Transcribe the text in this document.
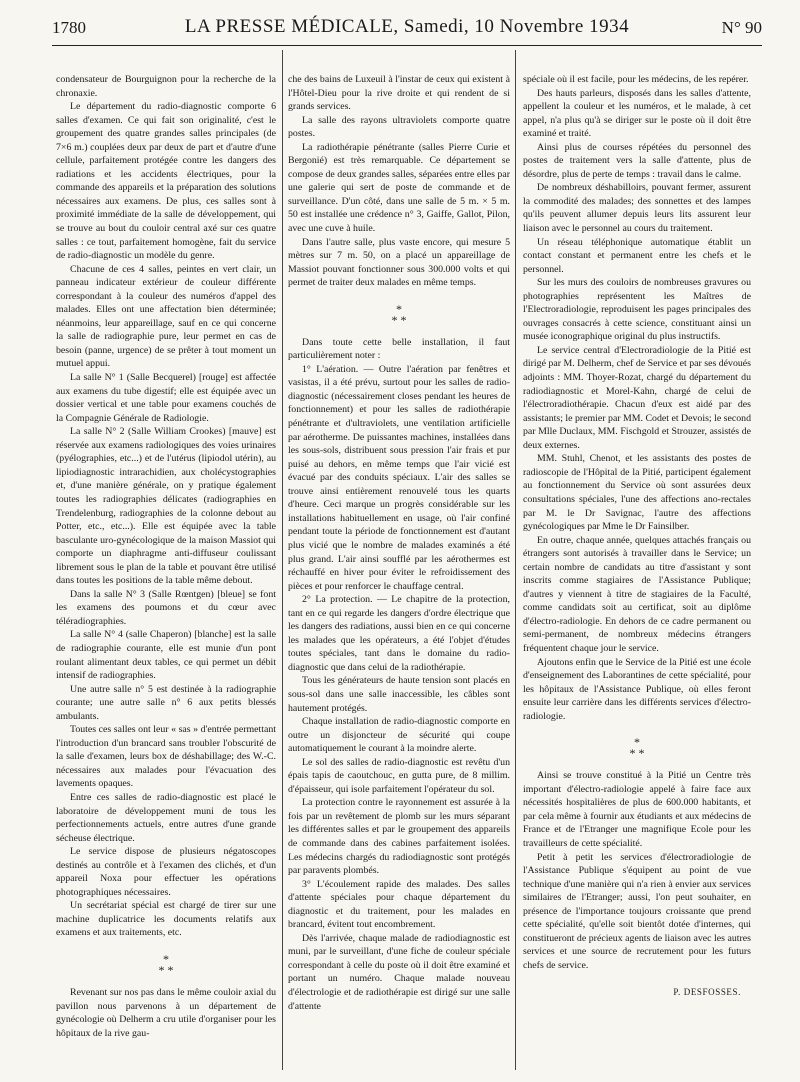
1780	LA PRESSE MÉDICALE, Samedi, 10 Novembre 1934	N° 90

condensateur de Bourguignon pour la recherche de la chronaxie.

Le département du radio-diagnostic comporte 6 salles d'examen. Ce qui fait son originalité, c'est le groupement des quatre grandes salles principales (de 7×6 m.) couplées deux par deux de part et d'autre d'une cellule, parfaitement protégée contre les dangers des radiations et les accidents électriques, pour la commande des appareils et la préparation des solutions nécessaires aux examens. De plus, ces salles sont à proximité immédiate de la salle de développement, qui se trouve au bout du couloir central axé sur ces quatre salles : ce tout, parfaitement homogène, fait du service de radio-diagnostic un modèle du genre.

Chacune de ces 4 salles, peintes en vert clair, un panneau indicateur extérieur de couleur différente correspondant à la couleur des numéros d'appel des malades. Elles ont une affectation bien déterminée; néanmoins, leur appareillage, sauf en ce qui concerne la salle de radiographie pure, leur permet en cas de besoin (panne, urgence) de se prêter à tout moment un mutuel appui.

La salle N° 1 (Salle Becquerel) [rouge] est affectée aux examens du tube digestif; elle est équipée avec un dossier vertical et une table pour examens couchés de la Compagnie Générale de Radiologie.

La salle N° 2 (Salle William Crookes) [mauve] est réservée aux examens radiologiques des voies urinaires (pyélographies, etc...) et de l'utérus (lipiodol utérin), au lipiodiagnostic intrarachidien, aux cholécystographies et, d'une manière générale, on y pratique également toutes les radiographies délicates (radiographies en Trendelenburg, radiographies de la colonne debout au Potter, etc., etc...). Elle est équipée avec la table basculante uro-gynécologique de la maison Massiot qui comporte un diaphragme anti-diffuseur coulissant librement sous le plan de la table et pouvant être utilisé dans toutes les positions de la table même debout.

Dans la salle N° 3 (Salle Rœntgen) [bleue] se font les examens des poumons et du cœur avec téléradiographies.

La salle N° 4 (salle Chaperon) [blanche] est la salle de radiographie courante, elle est munie d'un pont roulant alimentant deux tables, ce qui permet un débit intensif de radiographies.

Une autre salle n° 5 est destinée à la radiographie courante; une autre salle n° 6 aux petits blessés ambulants.

Toutes ces salles ont leur « sas » d'entrée permettant l'introduction d'un brancard sans troubler l'obscurité de la salle d'examen, leurs box de déshabillage; des W.-C. nécessaires aux malades pour l'évacuation des lavements opaques.

Entre ces salles de radio-diagnostic est placé le laboratoire de développement muni de tous les perfectionnements actuels, entre autres d'une grande sécheuse électrique.

Le service dispose de plusieurs négatoscopes destinés au contrôle et à l'examen des clichés, et d'un appareil Noxa pour effectuer les opérations photographiques nécessaires.

Un secrétariat spécial est chargé de tirer sur une machine duplicatrice les documents relatifs aux examens et aux traitements, etc.

*
* *

Revenant sur nos pas dans le même couloir axial du pavillon nous parvenons à un département de gynécologie où Delherm a cru utile d'organiser pour les hôpitaux de la rive gau-

che des bains de Luxeuil à l'instar de ceux qui existent à l'Hôtel-Dieu pour la rive droite et qui rendent de si grands services.

La salle des rayons ultraviolets comporte quatre postes.

La radiothérapie pénétrante (salles Pierre Curie et Bergonié) est très remarquable. Ce département se compose de deux grandes salles, séparées entre elles par une galerie qui sert de poste de commande et de surveillance. D'un côté, dans une salle de 5 m. × 5 m. 50 est installée une crédence n° 3, Gaiffe, Gallot, Pilon, avec une cuve à huile.

Dans l'autre salle, plus vaste encore, qui mesure 5 mètres sur 7 m. 50, on a placé un appareillage de Massiot pouvant fonctionner sous 300.000 volts et qui permet de traiter deux malades en même temps.

*
* *

Dans toute cette belle installation, il faut particulièrement noter :

1° L'aération. — Outre l'aération par fenêtres et vasistas, il a été prévu, surtout pour les salles de radio-diagnostic (nécessairement closes pendant les heures de fonctionnement) et pour les salles de radiothérapie pénétrante et d'ultraviolets, une ventilation artificielle par aérotherme. De puissantes machines, installées dans les sous-sols, distribuent sous pression l'air frais et pur puisé au dehors, en même temps que l'air vicié est évacué par des conduits spéciaux. L'air des salles se trouve ainsi entièrement renouvelé tous les quarts d'heure. Ceci marque un progrès considérable sur les installations habituellement en usage, où l'air confiné pendant toute la période de fonctionnement est d'autant plus vicié que le nombre de malades examinés a été plus grand. L'air ainsi soufflé par les aérothermes est réchauffé en hiver pour éviter le refroidissement des pièces et pour renforcer le chauffage central.

2° La protection. — Le chapitre de la protection, tant en ce qui regarde les dangers d'ordre électrique que les dangers des radiations, aussi bien en ce qui concerne les malades que les opérateurs, a été l'objet d'études toutes spéciales, tant dans le domaine du radio-diagnostic que dans celui de la radiothérapie.

Tous les générateurs de haute tension sont placés en sous-sol dans une salle inaccessible, les câbles sont hautement protégés.

Chaque installation de radio-diagnostic comporte en outre un disjoncteur de sécurité qui coupe automatiquement le courant à la moindre alerte.

Le sol des salles de radio-diagnostic est revêtu d'un épais tapis de caoutchouc, en gutta pure, de 8 millim. d'épaisseur, qui isole parfaitement l'opérateur du sol.

La protection contre le rayonnement est assurée à la fois par un revêtement de plomb sur les murs séparant les différentes salles et par le groupement des appareils de commande dans des cabines parfaitement isolées. Les médecins chargés du radiodiagnostic sont protégés par paravents plombés.

3° L'écoulement rapide des malades. Des salles d'attente spéciales pour chaque département du diagnostic et du traitement, pour les malades en brancard, évitent tout encombrement.

Dès l'arrivée, chaque malade de radiodiagnostic est muni, par le surveillant, d'une fiche de couleur spéciale correspondant à celle du poste où il doit être examiné et portant un numéro. Chaque malade nouveau d'électrologie et de radiothérapie est dirigé sur une salle d'attente

spéciale où il est facile, pour les médecins, de les repérer.

Des hauts parleurs, disposés dans les salles d'attente, appellent la couleur et les numéros, et le malade, à cet appel, n'a plus qu'à se diriger sur le poste où il doit être examiné et traité.

Ainsi plus de courses répétées du personnel des postes de traitement vers la salle d'attente, plus de désordre, plus de perte de temps : travail dans le calme.

De nombreux déshabilloirs, pouvant fermer, assurent la commodité des malades; des sonnettes et des lampes qu'ils peuvent allumer depuis leurs lits assurent leur liaison avec le personnel au cours du traitement.

Un réseau téléphonique automatique établit un contact constant et permanent entre les chefs et le personnel.

Sur les murs des couloirs de nombreuses gravures ou photographies représentent les Maîtres de l'Electroradiologie, reproduisent les pages principales des ouvrages consacrés à cette science, constituant ainsi un musée iconographique original du plus instructifs.

Le service central d'Electroradiologie de la Pitié est dirigé par M. Delherm, chef de Service et par ses dévoués adjoints : MM. Thoyer-Rozat, chargé du département du radiodiagnostic et Morel-Kahn, chargé de celui de l'électroradiothérapie. Chacun d'eux est aidé par des assistants; le premier par MM. Codet et Devois; le second par Mlle Duclaux, MM. Fischgold et Strouzer, assistés de deux externes.

MM. Stuhl, Chenot, et les assistants des postes de radioscopie de l'Hôpital de la Pitié, participent également au fonctionnement du Service où sont assurées deux consultations spéciales, l'une des affections ano-rectales par M. le Dr Savignac, l'autre des affections gynécologiques par Mme le Dr Fainsilber.

En outre, chaque année, quelques attachés français ou étrangers sont autorisés à travailler dans le Service; un certain nombre de candidats au titre d'assistant y sont inscrits comme stagiaires de l'Assistance Publique; d'autres y viennent à titre de stagiaires de la Faculté, comme candidats soit au certificat, soit au diplôme d'électro-radiologie. En dehors de ce cadre permanent ou semi-permanent, de nombreux médecins étrangers fréquentent chaque jour le service.

Ajoutons enfin que le Service de la Pitié est une école d'enseignement des Laborantines de cette spécialité, pour les hôpitaux de l'Assistance Publique, où elles feront ensuite leur carrière dans les différents services d'électro-radiologie.

*
* *

Ainsi se trouve constitué à la Pitié un Centre très important d'électro-radiologie appelé à faire face aux nécessités hospitalières de plus de 600.000 habitants, et par cela même à fournir aux étudiants et aux médecins de France et de l'Etranger une magnifique Ecole pour les travailleurs de cette spécialité.

Petit à petit les services d'électroradiologie de l'Assistance Publique s'équipent au point de vue technique d'une manière qui n'a rien à envier aux services similaires de l'Etranger; aussi, l'on peut souhaiter, en présence de l'importance toujours croissante que prend cette spécialité, qu'elle soit bientôt dotée d'internes, qui constitueront de précieux agents de liaison avec les autres services et une source de recrutement pour les futurs chefs de service.

P. DESFOSSES.
